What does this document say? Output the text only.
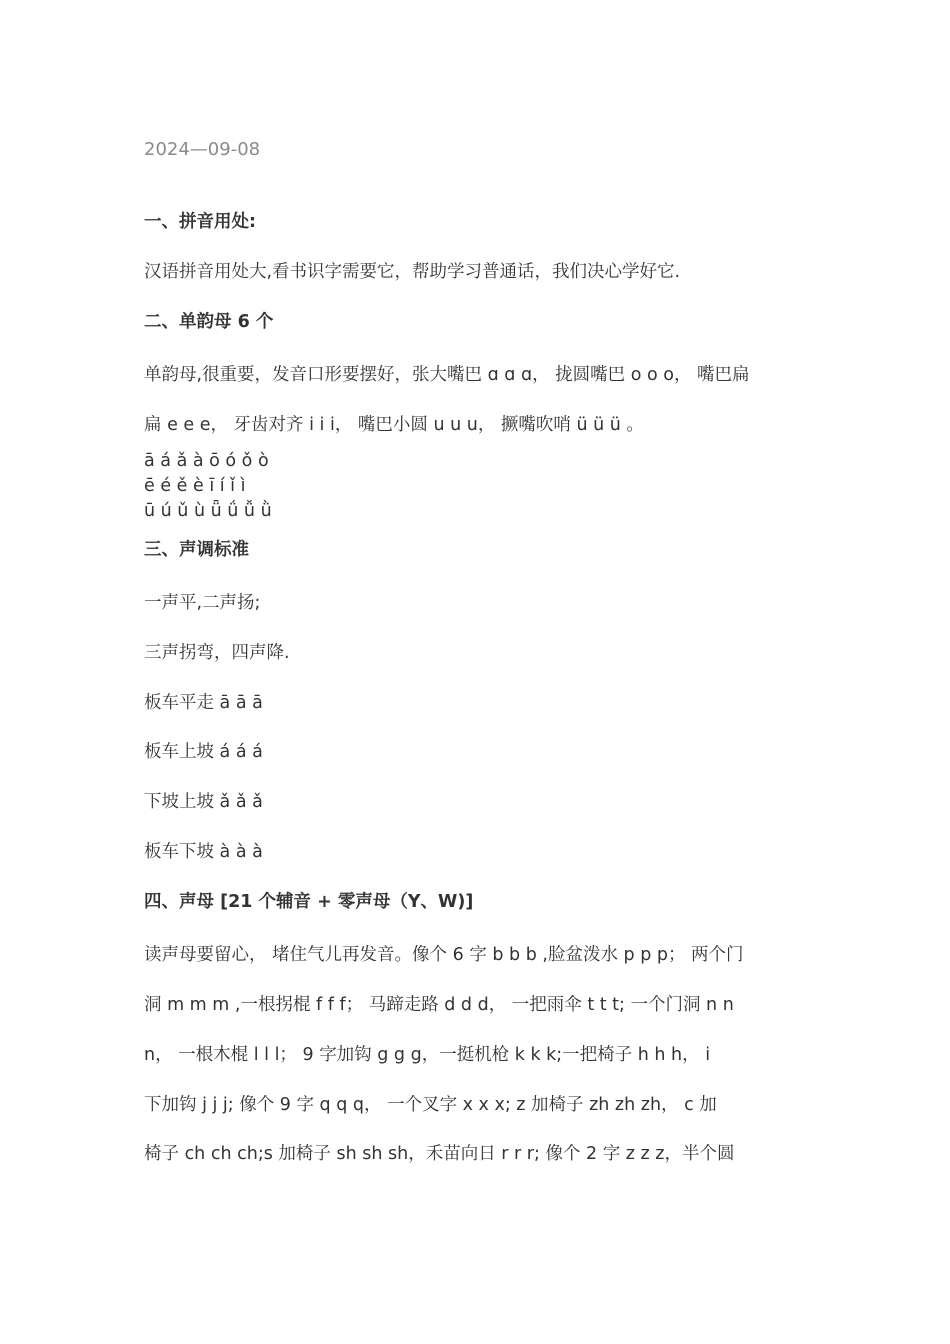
2024—09-08
一、拼音用处:
汉语拼音用处大,看书识字需要它，帮助学习普通话，我们决心学好它.
二、单韵母 6 个
单韵母,很重要，发音口形要摆好，张大嘴巴 ɑ ɑ ɑ， 拢圆嘴巴 o o o， 嘴巴扁
扁 e e e， 牙齿对齐 i i i， 嘴巴小圆 u u u， 撅嘴吹哨 ü ü ü 。
ā á ǎ à ō ó ǒ ò
ē é ě è ī í ǐ ì
ū ú ǔ ù ǖ ǘ ǚ ǜ
三、声调标准
一声平,二声扬;
三声拐弯，四声降.
板车平走 ā ā ā
板车上坡 á á á
下坡上坡 ǎ ǎ ǎ
板车下坡 à à à
四、声母 [21 个辅音 + 零声母（Y、W)]
读声母要留心， 堵住气儿再发音。像个 6 字 b b b ,脸盆泼水 p p p； 两个门
洞 m m m ,一根拐棍 f f f； 马蹄走路 d d d， 一把雨伞 t t t; 一个门洞 n n
n， 一根木棍 l l l； 9 字加钩 g g g，一挺机枪 k k k;一把椅子 h h h， i
下加钩 j j j; 像个 9 字 q q q， 一个叉字 x x x; z 加椅子 zh zh zh， c 加
椅子 ch ch ch;s 加椅子 sh sh sh，禾苗向日 r r r; 像个 2 字 z z z，半个圆
